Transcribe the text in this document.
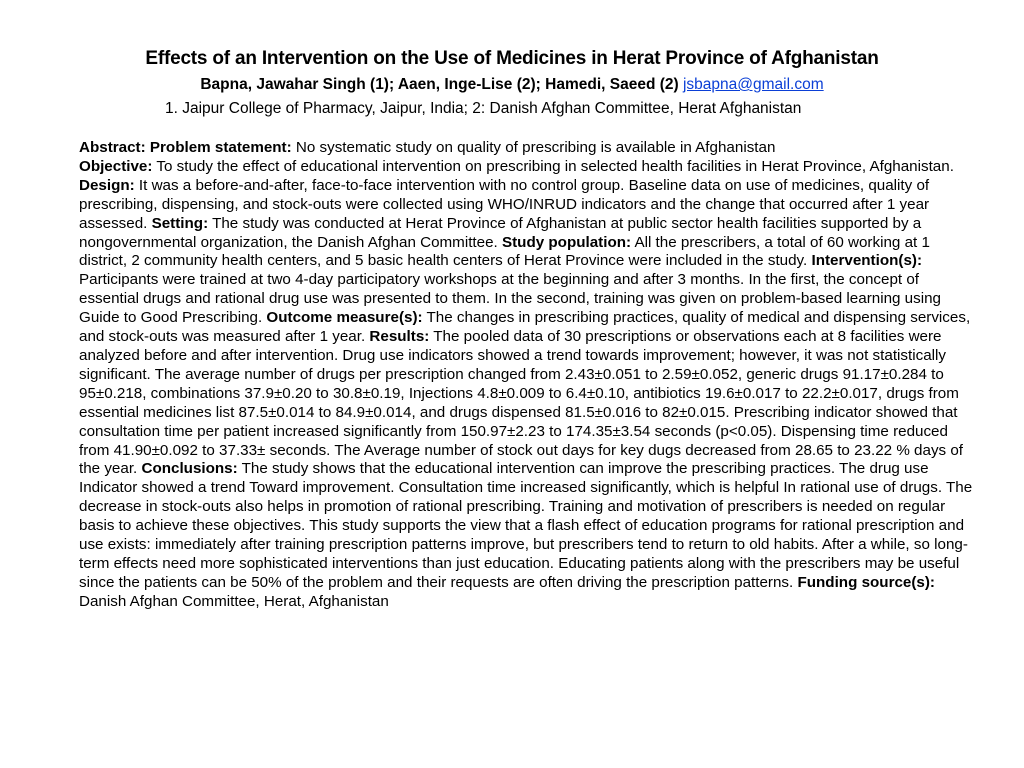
Effects of an Intervention on the Use of Medicines in Herat Province of Afghanistan
Bapna, Jawahar Singh (1); Aaen, Inge-Lise (2); Hamedi, Saeed (2) jsbapna@gmail.com
1. Jaipur College of Pharmacy, Jaipur, India; 2: Danish Afghan Committee, Herat Afghanistan
Abstract: Problem statement: No systematic study on quality of prescribing is available in Afghanistan
Objective: To study the effect of educational intervention on prescribing in selected health facilities in Herat Province, Afghanistan. Design: It was a before-and-after, face-to-face intervention with no control group. Baseline data on use of medicines, quality of prescribing, dispensing, and stock-outs were collected using WHO/INRUD indicators and the change that occurred after 1 year assessed. Setting: The study was conducted at Herat Province of Afghanistan at public sector health facilities supported by a nongovernmental organization, the Danish Afghan Committee. Study population: All the prescribers, a total of 60 working at 1 district, 2 community health centers, and 5 basic health centers of Herat Province were included in the study. Intervention(s): Participants were trained at two 4-day participatory workshops at the beginning and after 3 months. In the first, the concept of essential drugs and rational drug use was presented to them. In the second, training was given on problem-based learning using Guide to Good Prescribing. Outcome measure(s): The changes in prescribing practices, quality of medical and dispensing services, and stock-outs was measured after 1 year. Results: The pooled data of 30 prescriptions or observations each at 8 facilities were analyzed before and after intervention. Drug use indicators showed a trend towards improvement; however, it was not statistically significant. The average number of drugs per prescription changed from 2.43±0.051 to 2.59±0.052, generic drugs 91.17±0.284 to 95±0.218, combinations 37.9±0.20 to 30.8±0.19, Injections 4.8±0.009 to 6.4±0.10, antibiotics 19.6±0.017 to 22.2±0.017, drugs from essential medicines list 87.5±0.014 to 84.9±0.014, and drugs dispensed 81.5±0.016 to 82±0.015. Prescribing indicator showed that consultation time per patient increased significantly from 150.97±2.23 to 174.35±3.54 seconds (p<0.05). Dispensing time reduced from 41.90±0.092 to 37.33± seconds. The Average number of stock out days for key dugs decreased from 28.65 to 23.22 % days of the year. Conclusions: The study shows that the educational intervention can improve the prescribing practices. The drug use Indicator showed a trend Toward improvement. Consultation time increased significantly, which is helpful In rational use of drugs. The decrease in stock-outs also helps in promotion of rational prescribing. Training and motivation of prescribers is needed on regular basis to achieve these objectives. This study supports the view that a flash effect of education programs for rational prescription and use exists: immediately after training prescription patterns improve, but prescribers tend to return to old habits. After a while, so long-term effects need more sophisticated interventions than just education. Educating patients along with the prescribers may be useful since the patients can be 50% of the problem and their requests are often driving the prescription patterns. Funding source(s): Danish Afghan Committee, Herat, Afghanistan
